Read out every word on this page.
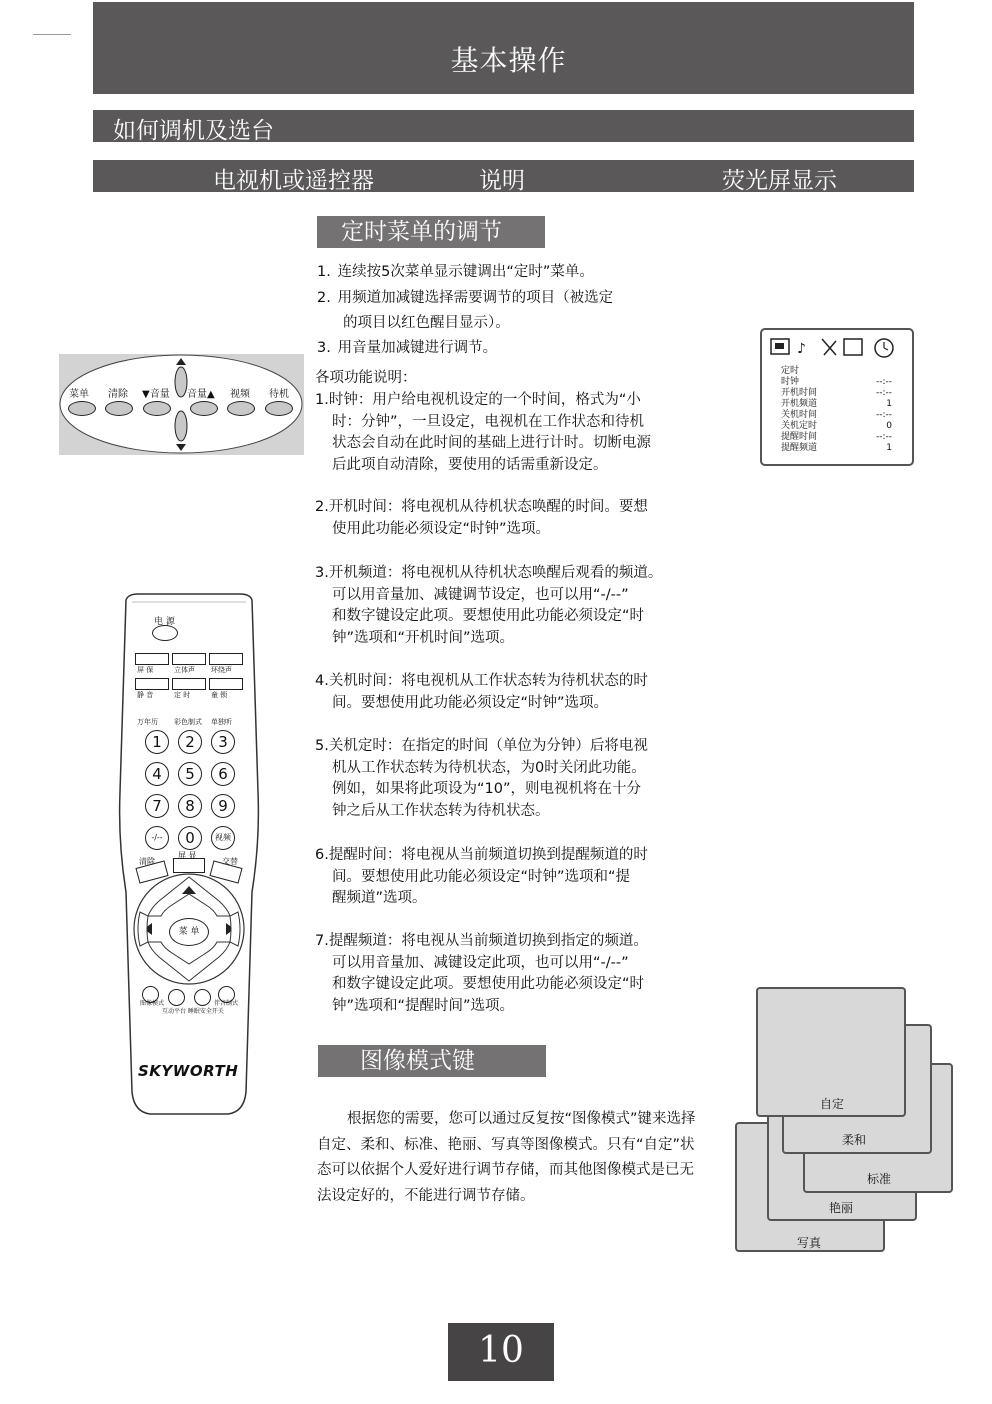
基本操作
如何调机及选台
电视机或遥控器	说明	荧光屏显示
定时菜单的调节
1. 连续按5次菜单显示键调出“定时”菜单。
2. 用频道加减键选择需要调节的项目（被选定
的项目以红色醒目显示）。
3. 用音量加减键进行调节。
各项功能说明：
1.时钟：用户给电视机设定的一个时间，格式为“小
时：分钟”，一旦设定，电视机在工作状态和待机
状态会自动在此时间的基础上进行计时。切断电源
后此项自动清除，要使用的话需重新设定。
2.开机时间：将电视机从待机状态唤醒的时间。要想
使用此功能必须设定“时钟”选项。
3.开机频道：将电视机从待机状态唤醒后观看的频道。
可以用音量加、减键调节设定，也可以用“-/--”
和数字键设定此项。要想使用此功能必须设定“时
钟”选项和“开机时间”选项。
4.关机时间：将电视机从工作状态转为待机状态的时
间。要想使用此功能必须设定“时钟”选项。
5.关机定时：在指定的时间（单位为分钟）后将电视
机从工作状态转为待机状态，为0时关闭此功能。
例如，如果将此项设为“10”，则电视机将在十分
钟之后从工作状态转为待机状态。
6.提醒时间：将电视从当前频道切换到提醒频道的时
间。要想使用此功能必须设定“时钟”选项和“提
醒频道”选项。
7.提醒频道：将电视从当前频道切换到指定的频道。
可以用音量加、减键设定此项，也可以用“-/--”
和数字键设定此项。要想使用此功能必须设定“时
钟”选项和“提醒时间”选项。
菜单 清除 ▼音量 音量▲ 视频 待机
♪
定时
时钟	--:--
开机时间	--:--
开机频道	1
关机时间	--:--
关机定时	0
提醒时间	--:--
提醒频道	1
电 源
屏 保	立体声 环绕声
静 音	定 时	童 锁
万年历 彩色制式 单独听
1	2	3
4	5	6
7	8	9
-/--	0	视频
清除
屏 显
交替
菜 单
图像模式	伴音制式
互动平台 睡眠安全开关
SKYWORTH	图像模式键
根据您的需要，您可以通过反复按“图像模式”键来选择自定、柔和、标准、艳丽、写真等图像模式。只有“自定”状态可以依据个人爱好进行调节存储，而其他图像模式是已无法设定好的，不能进行调节存储。
写真
艳丽
标准
柔和
自定
10
